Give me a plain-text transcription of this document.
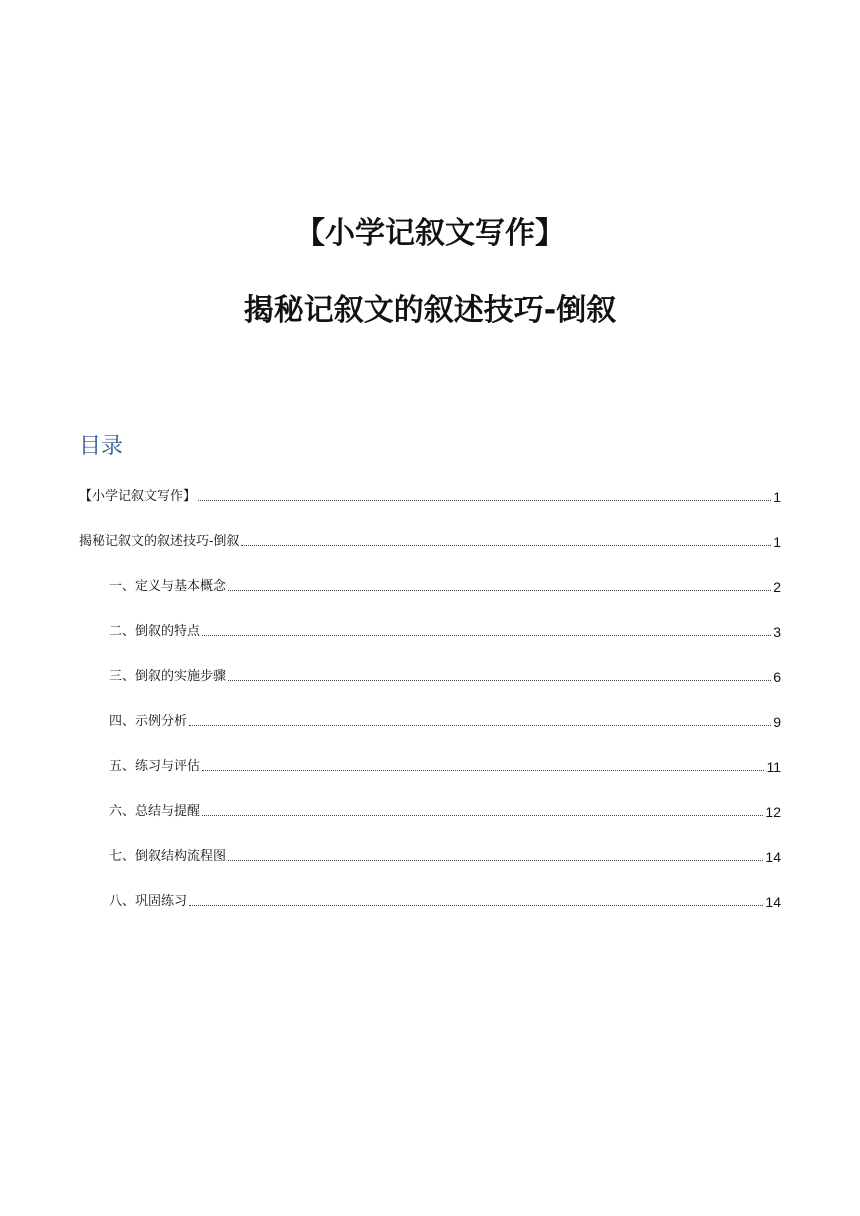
【小学记叙文写作】
揭秘记叙文的叙述技巧-倒叙
目录
【小学记叙文写作】	1
揭秘记叙文的叙述技巧-倒叙	1
一、定义与基本概念	2
二、倒叙的特点	3
三、倒叙的实施步骤	6
四、示例分析	9
五、练习与评估	11
六、总结与提醒	12
七、倒叙结构流程图	14
八、巩固练习	14
